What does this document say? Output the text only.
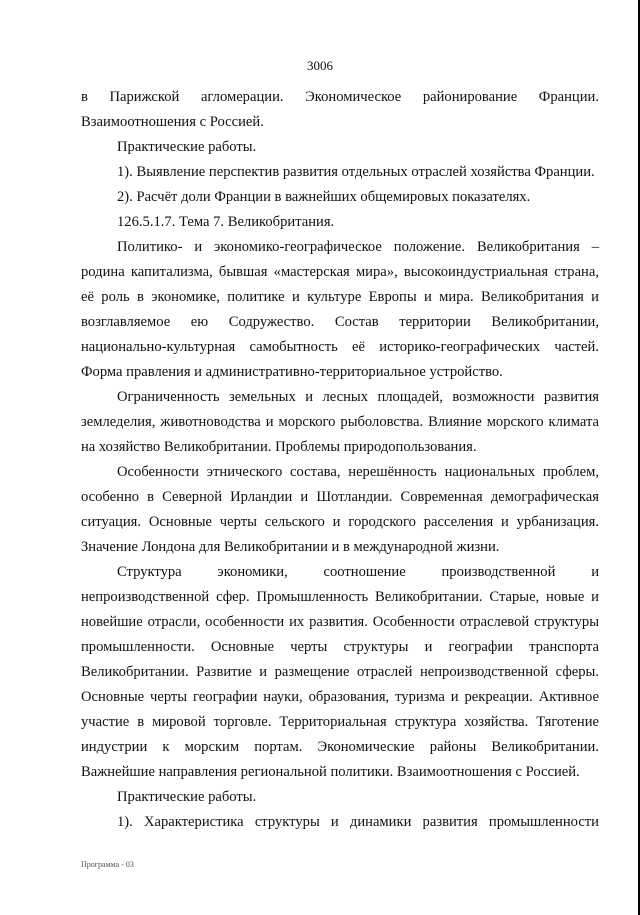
3006

в Парижской агломерации. Экономическое районирование Франции.

Взаимоотношения с Россией.

Практические работы.

1). Выявление перспектив развития отдельных отраслей хозяйства Франции.

2). Расчёт доли Франции в важнейших общемировых показателях.

126.5.1.7. Тема 7. Великобритания.

Политико- и экономико-географическое положение. Великобритания – родина капитализма, бывшая «мастерская мира», высокоиндустриальная страна, её роль в экономике, политике и культуре Европы и мира. Великобритания и возглавляемое ею Содружество. Состав территории Великобритании, национально-культурная самобытность её историко-географических частей. Форма правления и административно-территориальное устройство.

Ограниченность земельных и лесных площадей, возможности развития земледелия, животноводства и морского рыболовства. Влияние морского климата на хозяйство Великобритании. Проблемы природопользования.

Особенности этнического состава, нерешённость национальных проблем, особенно в Северной Ирландии и Шотландии. Современная демографическая ситуация. Основные черты сельского и городского расселения и урбанизация. Значение Лондона для Великобритании и в международной жизни.

Структура экономики, соотношение производственной и непроизводственной сфер. Промышленность Великобритании. Старые, новые и новейшие отрасли, особенности их развития. Особенности отраслевой структуры промышленности. Основные черты структуры и географии транспорта Великобритании. Развитие и размещение отраслей непроизводственной сферы. Основные черты географии науки, образования, туризма и рекреации. Активное участие в мировой торговле. Территориальная структура хозяйства. Тяготение индустрии к морским портам. Экономические районы Великобритании. Важнейшие направления региональной политики. Взаимоотношения с Россией.

Практические работы.

1). Характеристика структуры и динамики развития промышленности

Программа - 03
